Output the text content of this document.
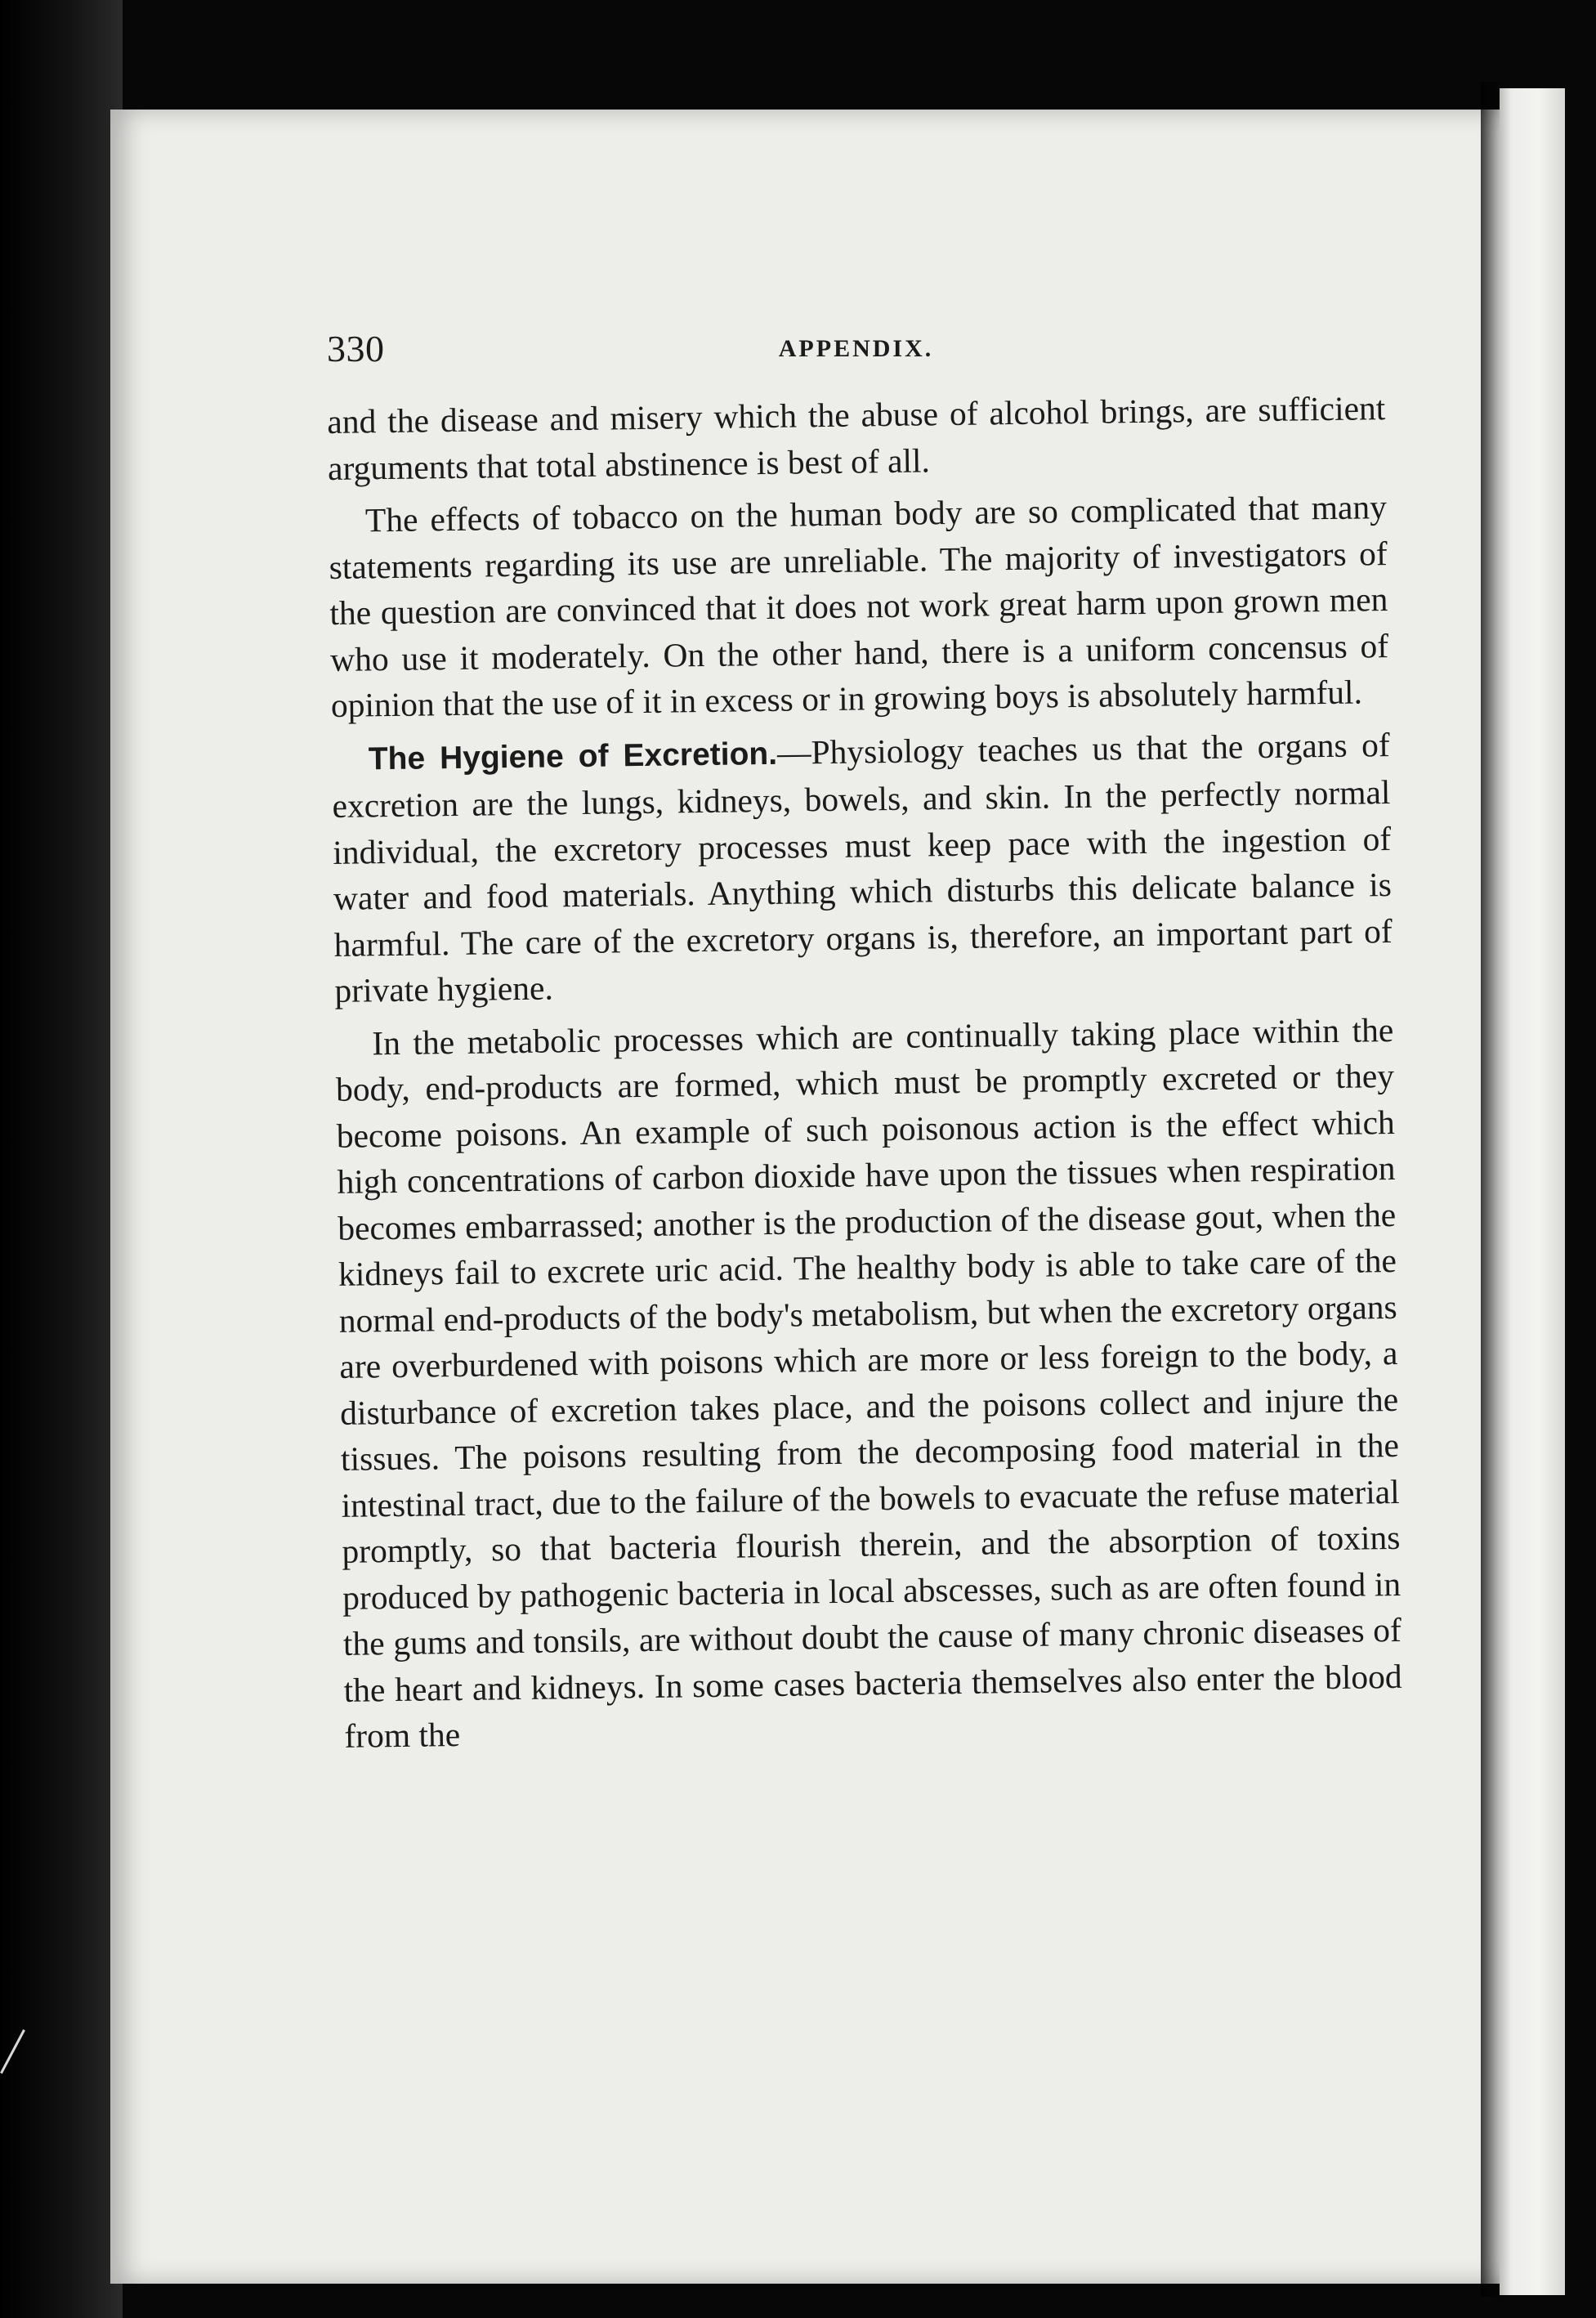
330	APPENDIX.

and the disease and misery which the abuse of alcohol brings, are sufficient arguments that total abstinence is best of all.

The effects of tobacco on the human body are so complicated that many statements regarding its use are unreliable. The majority of investigators of the question are convinced that it does not work great harm upon grown men who use it moderately. On the other hand, there is a uniform concensus of opinion that the use of it in excess or in growing boys is absolutely harmful.

The Hygiene of Excretion.—Physiology teaches us that the organs of excretion are the lungs, kidneys, bowels, and skin. In the perfectly normal individual, the excretory processes must keep pace with the ingestion of water and food materials. Anything which disturbs this delicate balance is harmful. The care of the excretory organs is, therefore, an important part of private hygiene.

In the metabolic processes which are continually taking place within the body, end-products are formed, which must be promptly excreted or they become poisons. An example of such poisonous action is the effect which high concentrations of carbon dioxide have upon the tissues when respiration becomes embarrassed; another is the production of the disease gout, when the kidneys fail to excrete uric acid. The healthy body is able to take care of the normal end-products of the body's metabolism, but when the excretory organs are overburdened with poisons which are more or less foreign to the body, a disturbance of excretion takes place, and the poisons collect and injure the tissues. The poisons resulting from the decomposing food material in the intestinal tract, due to the failure of the bowels to evacuate the refuse material promptly, so that bacteria flourish therein, and the absorption of toxins produced by pathogenic bacteria in local abscesses, such as are often found in the gums and tonsils, are without doubt the cause of many chronic diseases of the heart and kidneys. In some cases bacteria themselves also enter the blood from the
